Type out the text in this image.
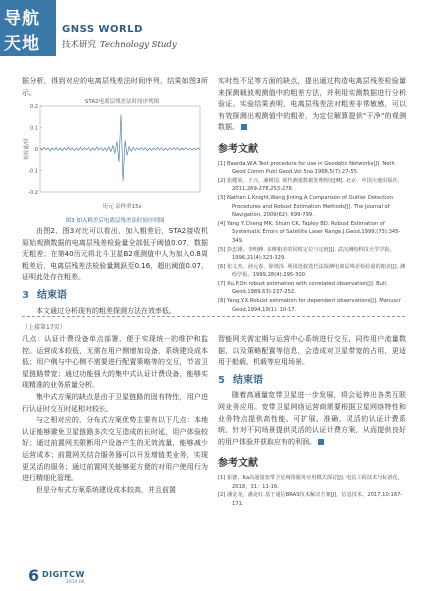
导航
天地
GNSS WORLD
技术研究 Technology Study

据分析，得到对应的电离层残差法时间序列，结果如图3所示。

STA2电离层残差法时间序列图
历元 采样率15s
检验量/周
0.2
0.1
0
-0.1
-0.2
图3 加入粗差后电离层残差法时间序列图

由图2、图3对比可以看出，加入粗差后，STA2接收机原始观测数据的电离层残差检验量全部低于阈值0.07，数据无粗差；在第40历元将北斗卫星B2观测值中人为加入0.8周粗差后，电离层残差法检验量跳跃至0.16，超出阈值0.07，证明此处存在粗差。

3 结束语

本文通过分析现有的粗差探测方法在效率低、

实时性不足等方面的缺点，提出通过构造电离层残差检验量来探测载波观测值中的粗差方法，并利用实测数据进行分析验证。实验结果表明，电离层残差法对粗差非常敏感，可以有效探测出观测值中的粗差，为定位解算提供"干净"的观测数据。

参考文献
[1] Baarda,W.A Test procedure for use in Geodetic Networks[J]. Neth Geod Comm Publ Geod,Vol.5no.1968,5(7):27-55.
[2] 张健荣，王兴，潘树国. 现代测量数据处理理论[M]. 北京：中国大地出版社，2011,269-278,253-278.
[3] Nathan L.Knight,Wang Jinling.A Comparison of Outlier Detection Procedures and Robust Estimation Methods[J]. The Journal of Navigation, 2009(62): 699-799.
[4] Yang Y,Cheng MK, Shum CK, Tapley BD. Robust Estimation of Systematic Errors of Satellite Laser Range.J.Geod,1999,(73):345-349.
[5] 彭忠雄，李明峰. 多维粗差的同时定位与定值[J]. 武汉测绘科技大学学报，1996,21(4):323-329.
[6] 张文杰，孙元春，徐靖泽. 利用选权迭代法探测电离层残差检验量的粗差[J]. 测绘学报，1999,28(4):295-300.
[7] Xu,P.On robust estimation with correlated observation[J]. Bull. Geod,1989,63):237-252.
[8] Yang,Y.X.Robust estimation for dependent observations[J]. Manuscr Geod,1994,19(1): 10-17.
（上接第17页）

几点：认证计费设备单点部署，便于实现统一的维护和监控。运营成本较低，无需在用户侧增加设备，系统建设成本低；用户侧与中心侧不需要进行配置策略等的交互，节省卫星链路带宽；通过功能强大的集中式认证计费设备，能够实现精准的业务质量分析。

集中式方案的缺点是由于卫星链路的固有特性，用户进行认证时交互时延相对较长。

与之相对应的，分布式方案优势主要有以下几点：本地认证能够避免卫星链路多次交互造成的长时延，用户体验较好；通过前置网关限断用户设备产生的无效流量，能够减少运营成本；前置网关结合服务器可以开发增值类业务，实现更灵活的服务；通过前置网关能够更方便的对用户使用行为进行精细化管理。

但是分布式方案系统建设成本较高，并且前置

智能网关需定期与运营中心系统进行交互，同传用户流量数据，以及策略配置等信息，会造成对卫星带宽的占用，更适用于船载、机载等应用场景。

5 结束语

随着高通量宽带卫星进一步发展，将会延伸出各类互联网业务应用。宽带卫星网络运营商需要根据卫星网络特性和业务特点提供高性能、可扩展、准确、灵活的认证计费系统，针对不同场景提供灵活的认证计费方案，从而提供良好的用户体验并获取应有的利润。

参考文献
[1] 崔德，Ka高通量宽带卫星网络服务应用模式探讨[J]. 电信工程技术与标准化，2018，31：11-16.
[2] 潘金龙，潘克红.基于通信BRAS技术解决方案[J]，信息技术，2017,10:167-171.
6 DIGITCW
2019.06
